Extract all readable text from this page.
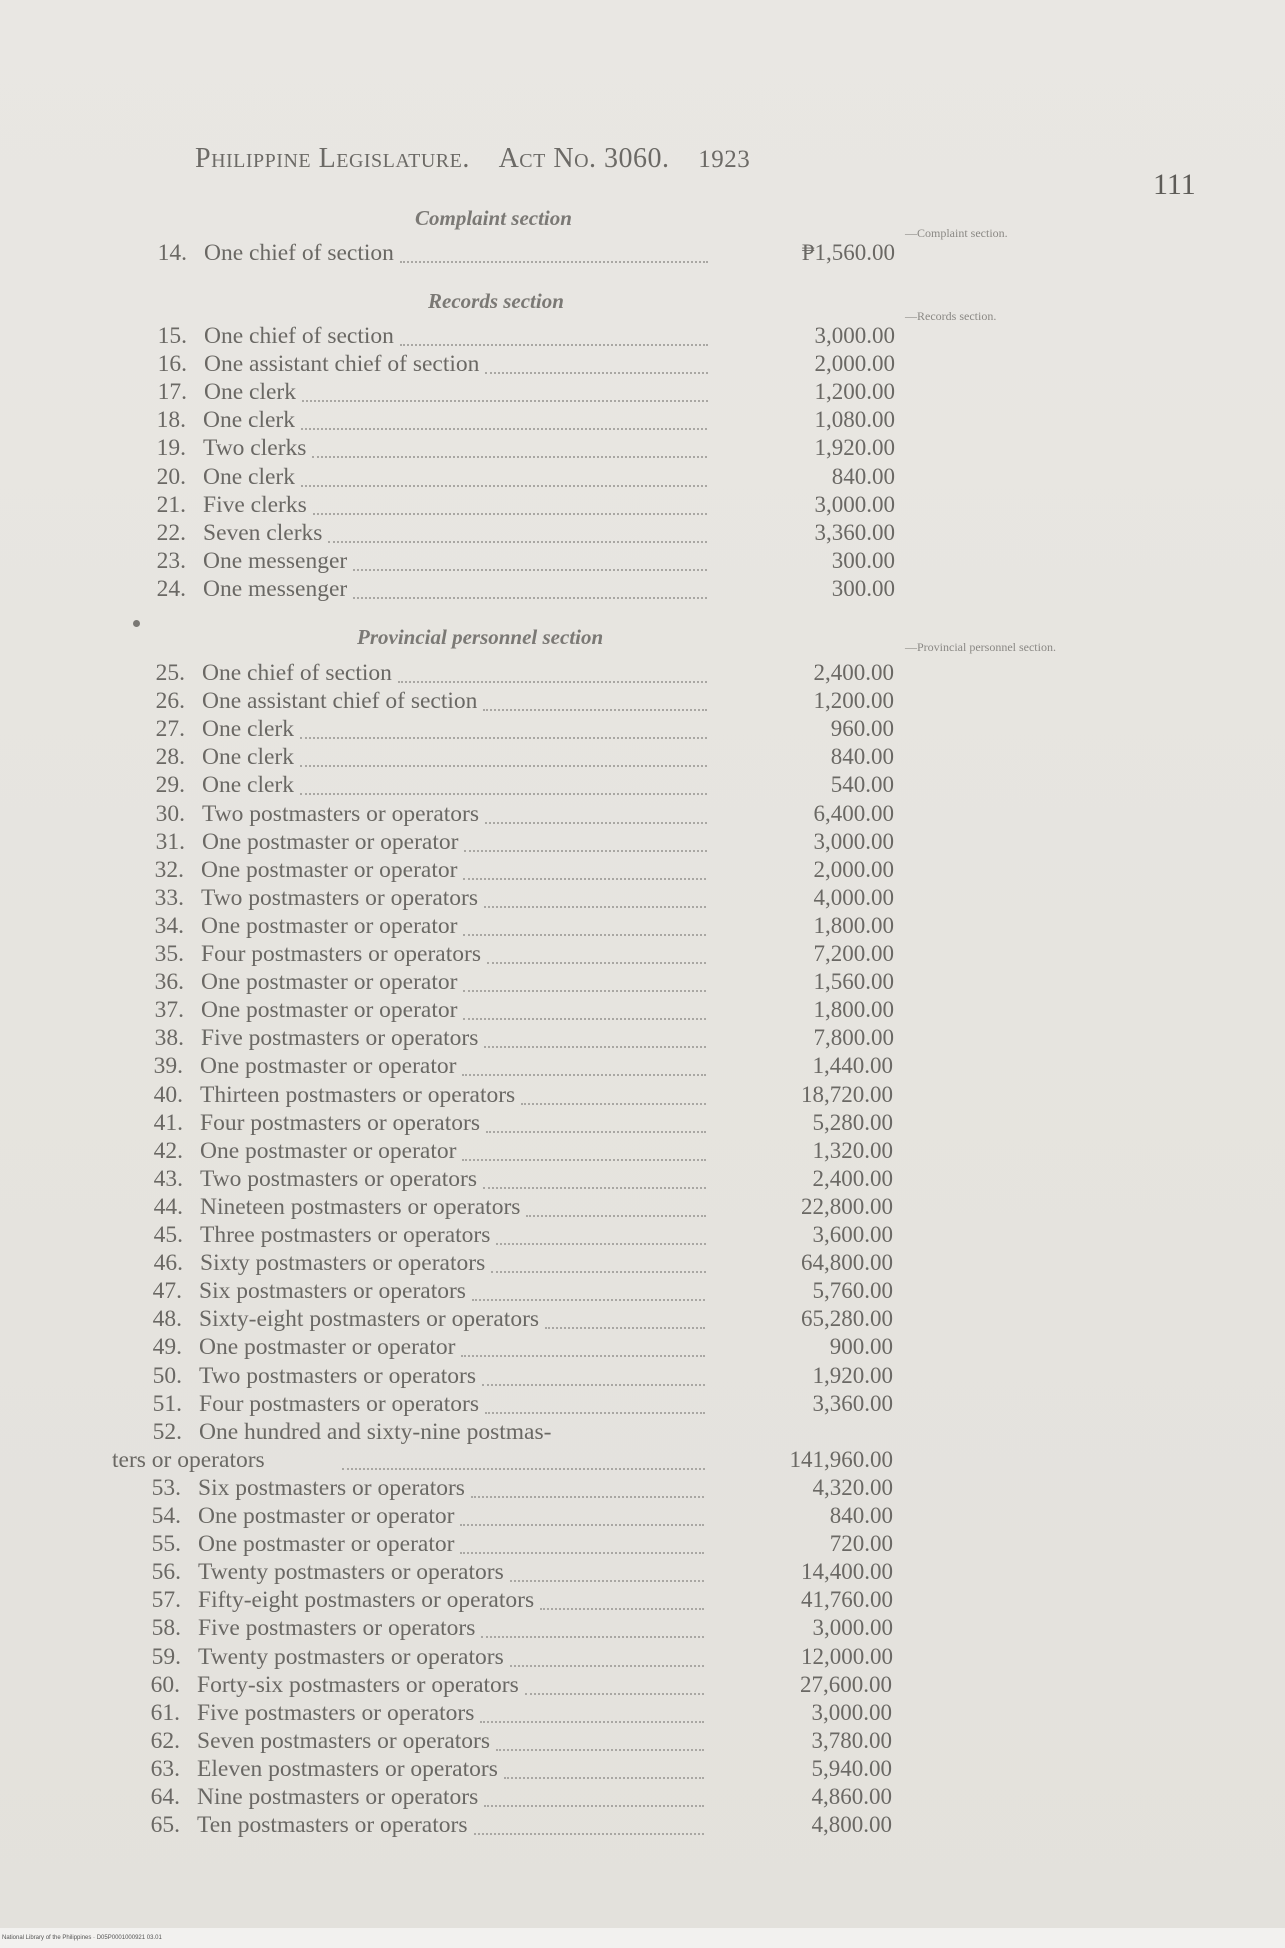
Philippine Legislature. Act No. 3060. 1923
111
Complaint section
—Complaint section.
14. One chief of section	₱1,560.00
Records section
—Records section.
15. One chief of section	3,000.00
16. One assistant chief of section	2,000.00
17. One clerk	1,200.00
18. One clerk	1,080.00
19. Two clerks	1,920.00
20. One clerk	840.00
21. Five clerks	3,000.00
22. Seven clerks	3,360.00
23. One messenger	300.00
24. One messenger	300.00
Provincial personnel section	—Provincial personnel section.
25. One chief of section	2,400.00
26. One assistant chief of section	1,200.00
27. One clerk	960.00
28. One clerk	840.00
29. One clerk	540.00
30. Two postmasters or operators	6,400.00
31. One postmaster or operator	3,000.00
32. One postmaster or operator	2,000.00
33. Two postmasters or operators	4,000.00
34. One postmaster or operator	1,800.00
35. Four postmasters or operators	7,200.00
36. One postmaster or operator	1,560.00
37. One postmaster or operator	1,800.00
38. Five postmasters or operators	7,800.00
39. One postmaster or operator	1,440.00
40. Thirteen postmasters or operators	18,720.00
41. Four postmasters or operators	5,280.00
42. One postmaster or operator	1,320.00
43. Two postmasters or operators	2,400.00
44. Nineteen postmasters or operators	22,800.00
45. Three postmasters or operators	3,600.00
46. Sixty postmasters or operators	64,800.00
47. Six postmasters or operators	5,760.00
48. Sixty-eight postmasters or operators	65,280.00
49. One postmaster or operator	900.00
50. Two postmasters or operators	1,920.00
51. Four postmasters or operators	3,360.00
52. One hundred and sixty-nine postmas-
ters or operators	141,960.00
53. Six postmasters or operators	4,320.00
54. One postmaster or operator	840.00
55. One postmaster or operator	720.00
56. Twenty postmasters or operators	14,400.00
57. Fifty-eight postmasters or operators	41,760.00
58. Five postmasters or operators	3,000.00
59. Twenty postmasters or operators	12,000.00
60. Forty-six postmasters or operators	27,600.00
61. Five postmasters or operators	3,000.00
62. Seven postmasters or operators	3,780.00
63. Eleven postmasters or operators	5,940.00
64. Nine postmasters or operators	4,860.00
65. Ten postmasters or operators	4,800.00
National Library of the Philippines · D05P0001000921 03.01
